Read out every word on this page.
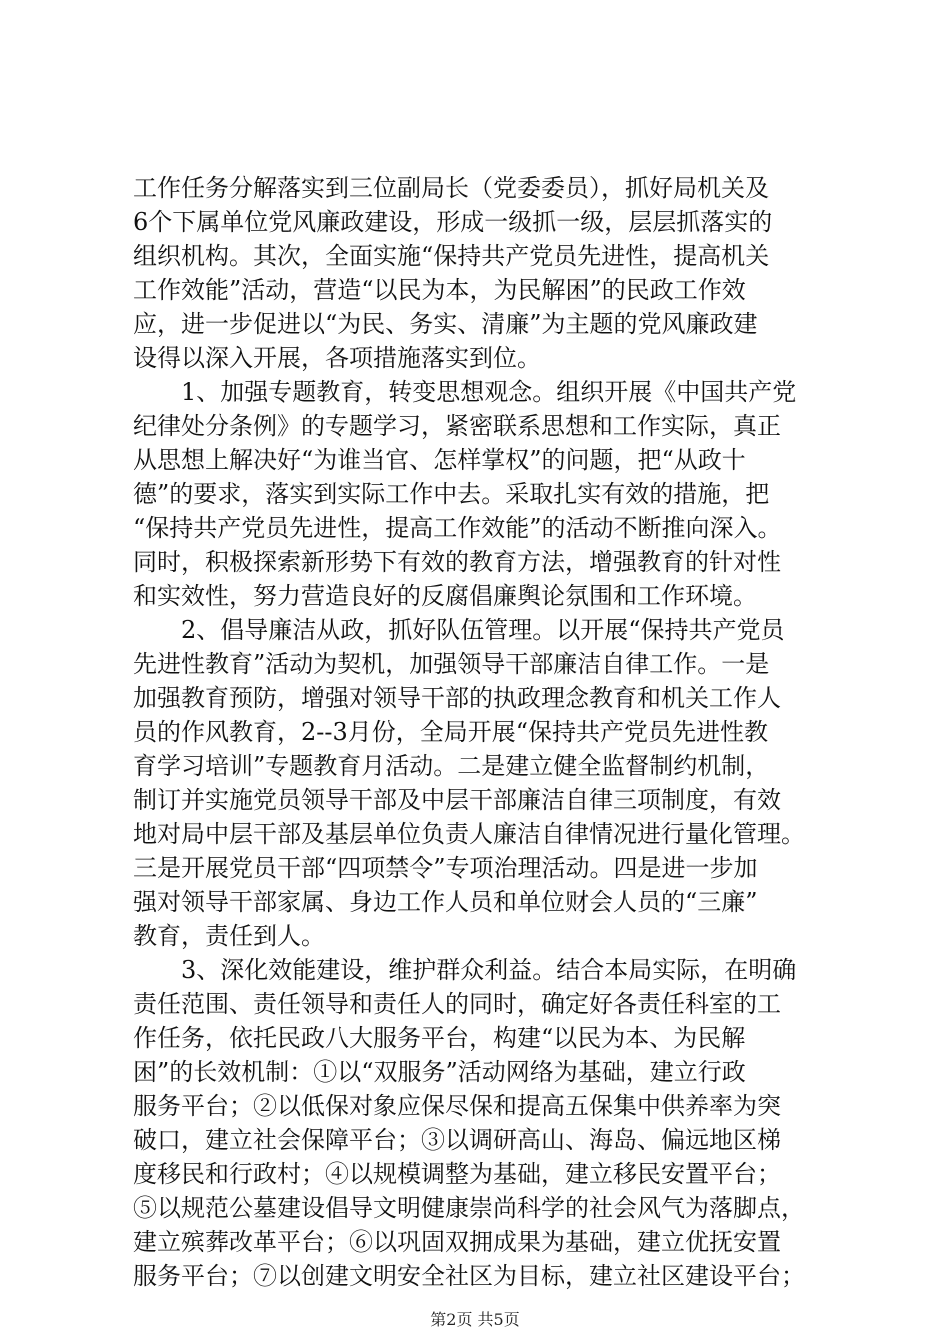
工作任务分解落实到三位副局长（党委委员），抓好局机关及
6个下属单位党风廉政建设，形成一级抓一级，层层抓落实的
组织机构。其次，全面实施“保持共产党员先进性，提高机关
工作效能”活动，营造“以民为本，为民解困”的民政工作效
应，进一步促进以“为民、务实、清廉”为主题的党风廉政建
设得以深入开展，各项措施落实到位。
1、加强专题教育，转变思想观念。组织开展《中国共产党
纪律处分条例》的专题学习，紧密联系思想和工作实际，真正
从思想上解决好“为谁当官、怎样掌权”的问题，把“从政十
德”的要求，落实到实际工作中去。采取扎实有效的措施，把
“保持共产党员先进性，提高工作效能”的活动不断推向深入。
同时，积极探索新形势下有效的教育方法，增强教育的针对性
和实效性，努力营造良好的反腐倡廉舆论氛围和工作环境。
2、倡导廉洁从政，抓好队伍管理。以开展“保持共产党员
先进性教育”活动为契机，加强领导干部廉洁自律工作。一是
加强教育预防，增强对领导干部的执政理念教育和机关工作人
员的作风教育，2--3月份，全局开展“保持共产党员先进性教
育学习培训”专题教育月活动。二是建立健全监督制约机制，
制订并实施党员领导干部及中层干部廉洁自律三项制度，有效
地对局中层干部及基层单位负责人廉洁自律情况进行量化管理。
三是开展党员干部“四项禁令”专项治理活动。四是进一步加
强对领导干部家属、身边工作人员和单位财会人员的“三廉”
教育，责任到人。
3、深化效能建设，维护群众利益。结合本局实际，在明确
责任范围、责任领导和责任人的同时，确定好各责任科室的工
作任务，依托民政八大服务平台，构建“以民为本、为民解
困”的长效机制：①以“双服务”活动网络为基础，建立行政
服务平台；②以低保对象应保尽保和提高五保集中供养率为突
破口，建立社会保障平台；③以调研高山、海岛、偏远地区梯
度移民和行政村；④以规模调整为基础，建立移民安置平台；
⑤以规范公墓建设倡导文明健康崇尚科学的社会风气为落脚点，
建立殡葬改革平台；⑥以巩固双拥成果为基础，建立优抚安置
服务平台；⑦以创建文明安全社区为目标，建立社区建设平台；
第2页 共5页
